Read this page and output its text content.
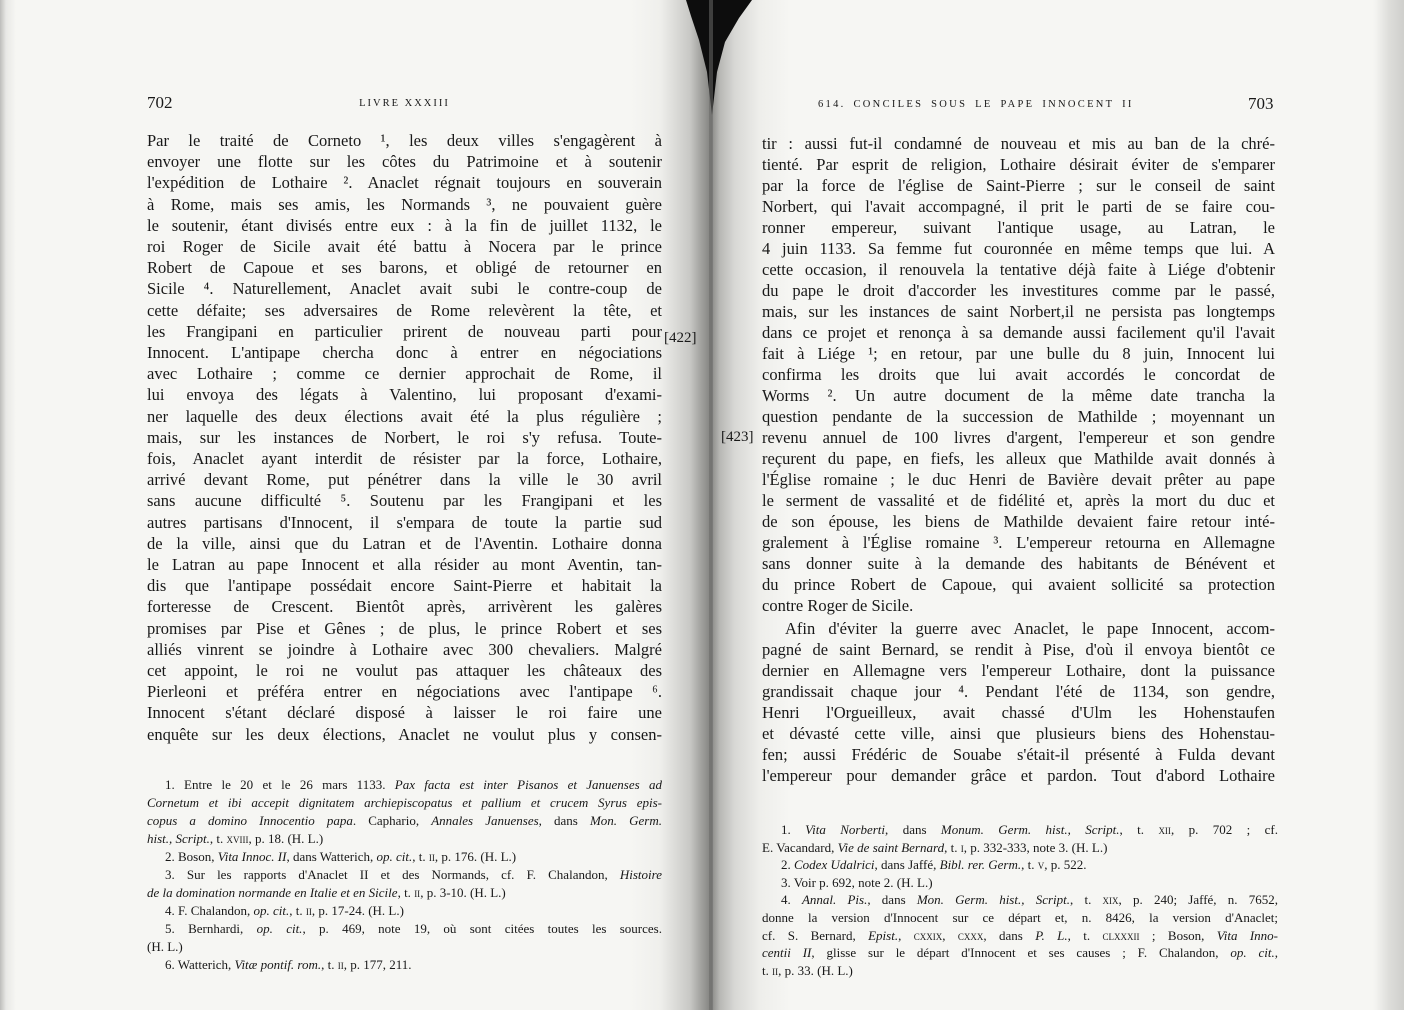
702	LIVRE XXXIII
Par le traité de Corneto ¹, les deux villes s'engagèrent à
envoyer une flotte sur les côtes du Patrimoine et à soutenir
l'expédition de Lothaire ². Anaclet régnait toujours en souverain
à Rome, mais ses amis, les Normands ³, ne pouvaient guère
le soutenir, étant divisés entre eux : à la fin de juillet 1132, le
roi Roger de Sicile avait été battu à Nocera par le prince
Robert de Capoue et ses barons, et obligé de retourner en
Sicile ⁴. Naturellement, Anaclet avait subi le contre-coup de
cette défaite; ses adversaires de Rome relevèrent la tête, et
les Frangipani en particulier prirent de nouveau parti pour
Innocent. L'antipape chercha donc à entrer en négociations
avec Lothaire ; comme ce dernier approchait de Rome, il
lui envoya des légats à Valentino, lui proposant d'exami-
ner laquelle des deux élections avait été la plus régulière ;
mais, sur les instances de Norbert, le roi s'y refusa. Toute-
fois, Anaclet ayant interdit de résister par la force, Lothaire,
arrivé devant Rome, put pénétrer dans la ville le 30 avril
sans aucune difficulté ⁵. Soutenu par les Frangipani et les
autres partisans d'Innocent, il s'empara de toute la partie sud
de la ville, ainsi que du Latran et de l'Aventin. Lothaire donna
le Latran au pape Innocent et alla résider au mont Aventin, tan-
dis que l'antipape possédait encore Saint-Pierre et habitait la
forteresse de Crescent. Bientôt après, arrivèrent les galères
promises par Pise et Gênes ; de plus, le prince Robert et ses
alliés vinrent se joindre à Lothaire avec 300 chevaliers. Malgré
cet appoint, le roi ne voulut pas attaquer les châteaux des
Pierleoni et préféra entrer en négociations avec l'antipape ⁶.
Innocent s'étant déclaré disposé à laisser le roi faire une
enquête sur les deux élections, Anaclet ne voulut plus y consen-
[422]
1. Entre le 20 et le 26 mars 1133. Pax facta est inter Pisanos et Januenses ad
Cornetum et ibi accepit dignitatem archiepiscopatus et pallium et crucem Syrus epis-
copus a domino Innocentio papa. Caphario, Annales Januenses, dans Mon. Germ.
hist., Script., t. xviii, p. 18. (H. L.)
2. Boson, Vita Innoc. II, dans Watterich, op. cit., t. ii, p. 176. (H. L.)
3. Sur les rapports d'Anaclet II et des Normands, cf. F. Chalandon, Histoire
de la domination normande en Italie et en Sicile, t. ii, p. 3-10. (H. L.)
4. F. Chalandon, op. cit., t. ii, p. 17-24. (H. L.)
5. Bernhardi, op. cit., p. 469, note 19, où sont citées toutes les sources.
(H. L.)
6. Watterich, Vitæ pontif. rom., t. ii, p. 177, 211.
614. CONCILES SOUS LE PAPE INNOCENT II	703
tir : aussi fut-il condamné de nouveau et mis au ban de la chré-
tienté. Par esprit de religion, Lothaire désirait éviter de s'emparer
par la force de l'église de Saint-Pierre ; sur le conseil de saint
Norbert, qui l'avait accompagné, il prit le parti de se faire cou-
ronner empereur, suivant l'antique usage, au Latran, le
4 juin 1133. Sa femme fut couronnée en même temps que lui. A
cette occasion, il renouvela la tentative déjà faite à Liége d'obtenir
du pape le droit d'accorder les investitures comme par le passé,
mais, sur les instances de saint Norbert,il ne persista pas longtemps
dans ce projet et renonça à sa demande aussi facilement qu'il l'avait
fait à Liége ¹; en retour, par une bulle du 8 juin, Innocent lui
confirma les droits que lui avait accordés le concordat de
Worms ². Un autre document de la même date trancha la
question pendante de la succession de Mathilde ; moyennant un
revenu annuel de 100 livres d'argent, l'empereur et son gendre
reçurent du pape, en fiefs, les alleux que Mathilde avait donnés à
l'Église romaine ; le duc Henri de Bavière devait prêter au pape
le serment de vassalité et de fidélité et, après la mort du duc et
de son épouse, les biens de Mathilde devaient faire retour inté-
gralement à l'Église romaine ³. L'empereur retourna en Allemagne
sans donner suite à la demande des habitants de Bénévent et
du prince Robert de Capoue, qui avaient sollicité sa protection
contre Roger de Sicile.
Afin d'éviter la guerre avec Anaclet, le pape Innocent, accom-
pagné de saint Bernard, se rendit à Pise, d'où il envoya bientôt ce
dernier en Allemagne vers l'empereur Lothaire, dont la puissance
grandissait chaque jour ⁴. Pendant l'été de 1134, son gendre,
Henri l'Orgueilleux, avait chassé d'Ulm les Hohenstaufen
et dévasté cette ville, ainsi que plusieurs biens des Hohenstau-
fen; aussi Frédéric de Souabe s'était-il présenté à Fulda devant
l'empereur pour demander grâce et pardon. Tout d'abord Lothaire
[423]
1. Vita Norberti, dans Monum. Germ. hist., Script., t. xii, p. 702 ; cf.
E. Vacandard, Vie de saint Bernard, t. i, p. 332-333, note 3. (H. L.)
2. Codex Udalrici, dans Jaffé, Bibl. rer. Germ., t. v, p. 522.
3. Voir p. 692, note 2. (H. L.)
4. Annal. Pis., dans Mon. Germ. hist., Script., t. xix, p. 240; Jaffé, n. 7652,
donne la version d'Innocent sur ce départ et, n. 8426, la version d'Anaclet;
cf. S. Bernard, Epist., cxxix, cxxx, dans P. L., t. clxxxii ; Boson, Vita Inno-
centii II, glisse sur le départ d'Innocent et ses causes ; F. Chalandon, op. cit.,
t. ii, p. 33. (H. L.)
